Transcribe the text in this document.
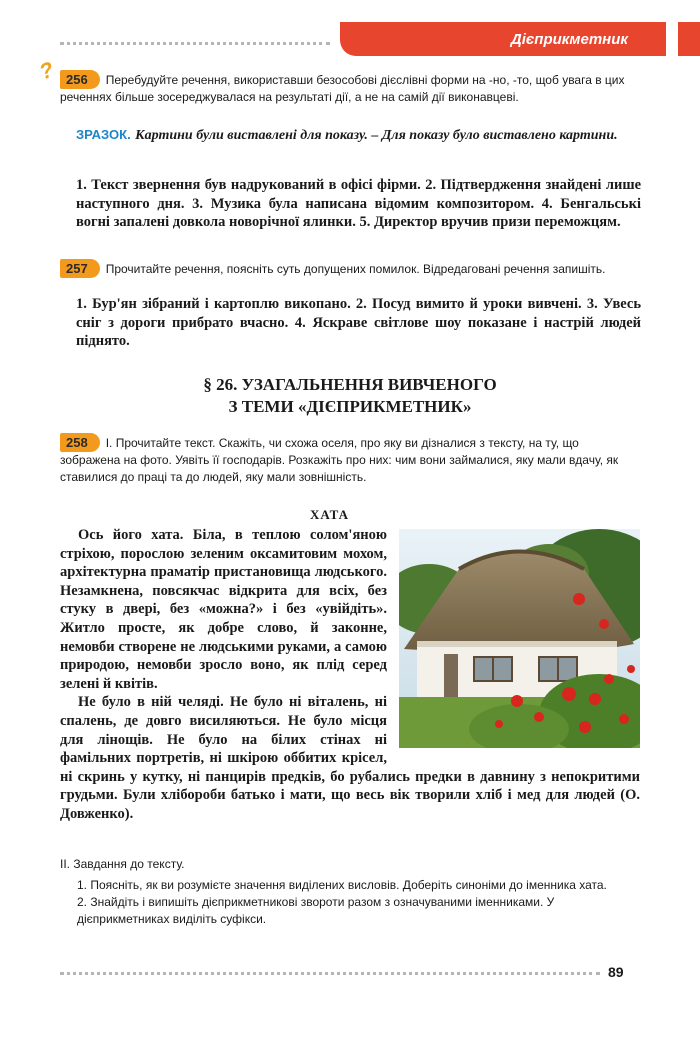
Дієприкметник
? 256 Перебудуйте речення, використавши безособові дієслівні форми на -но, -то, щоб увага в цих реченнях більше зосереджувалася на результаті дії, а не на самій дії виконавцеві.
ЗРАЗОК. Картини були виставлені для показу. – Для показу було виставлено картини.
1. Текст звернення був надрукований в офісі фірми. 2. Підтвердження знайдені лише наступного дня. 3. Музика була написана відомим композитором. 4. Бенгальські вогні запалені довкола новорічної ялинки. 5. Директор вручив призи переможцям.
257 Прочитайте речення, поясніть суть допущених помилок. Відредаговані речення запишіть.
1. Бур'ян зібраний і картоплю викопано. 2. Посуд вимито й уроки вивчені. 3. Увесь сніг з дороги прибрато вчасно. 4. Яскраве світлове шоу показане і настрій людей піднято.
§ 26. УЗАГАЛЬНЕННЯ ВИВЧЕНОГО
З ТЕМИ «ДІЄПРИКМЕТНИК»
258 I. Прочитайте текст. Скажіть, чи схожа оселя, про яку ви дізналися з тексту, на ту, що зображена на фото. Уявіть її господарів. Розкажіть про них: чим вони займалися, яку мали вдачу, як ставилися до праці та до людей, яку мали зовнішність.
ХАТА

Ось його хата. Біла, в теплою солом'яною стріхою, порослою зеленим оксамитовим мохом, архітектурна праматір пристановища людського. Незамкнена, повсякчас відкрита для всіх, без стуку в двері, без «можна?» і без «увійдіть». Житло просте, як добре слово, й законне, немовби створене не людськими руками, а самою природою, немовби зросло воно, як плід серед зелені й квітів.

Не було в ній челяді. Не було ні віталень, ні спалень, де довго висиляються. Не було місця для лінощів. Не було на білих стінах ні фамільних портретів, ні шкірою оббитих крісел, ні скринь у кутку, ні панцирів предків, бо рубались предки в давнину з непокритими грудьми. Були хлібороби батько і мати, що весь вік творили хліб і мед для людей (О. Довженко).

II. Завдання до тексту.
1. Поясніть, як ви розумієте значення виділених висловів. Доберіть синоніми до іменника хата.
2. Знайдіть і випишіть дієприкметникові звороти разом з означуваними іменниками. У дієприкметниках виділіть суфікси.
89
